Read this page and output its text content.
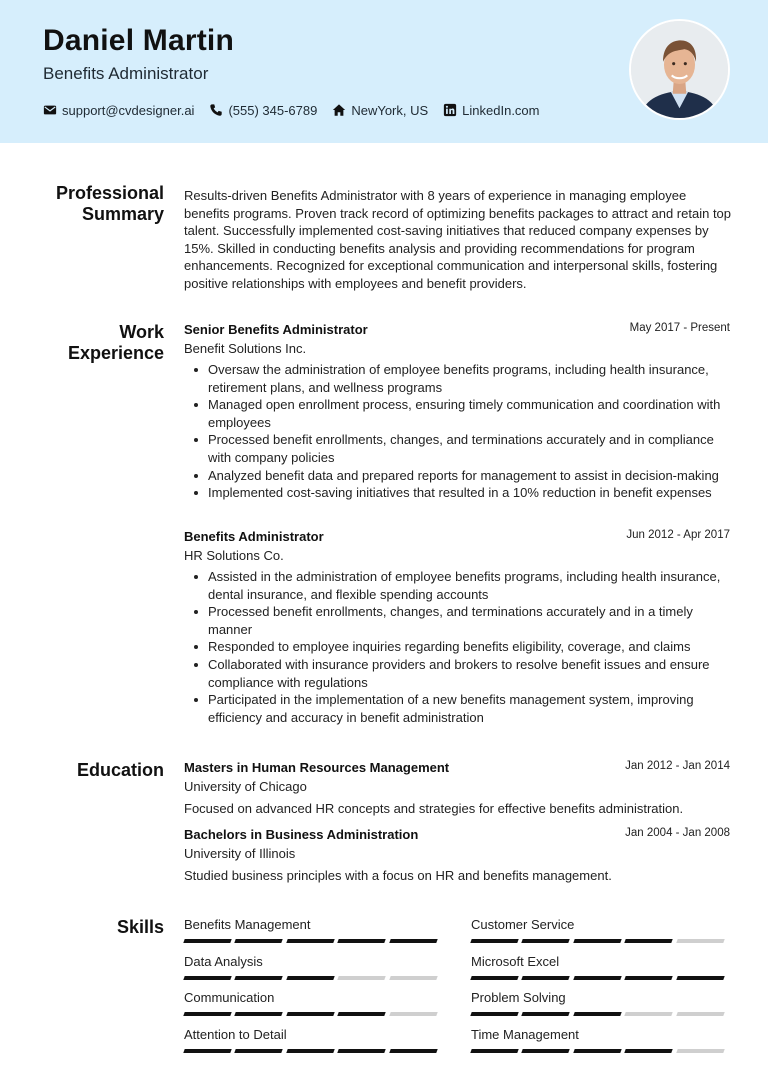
Daniel Martin
Benefits Administrator
support@cvdesigner.ai	(555) 345-6789	NewYork, US	LinkedIn.com
Professional
Summary
Results-driven Benefits Administrator with 8 years of experience in managing employee benefits programs. Proven track record of optimizing benefits packages to attract and retain top talent. Successfully implemented cost-saving initiatives that reduced company expenses by 15%. Skilled in conducting benefits analysis and providing recommendations for program enhancements. Recognized for exceptional communication and interpersonal skills, fostering positive relationships with employees and benefit providers.
Work
Experience
Senior Benefits Administrator	May 2017 - Present
Benefit Solutions Inc.
Oversaw the administration of employee benefits programs, including health insurance, retirement plans, and wellness programs
Managed open enrollment process, ensuring timely communication and coordination with employees
Processed benefit enrollments, changes, and terminations accurately and in compliance with company policies
Analyzed benefit data and prepared reports for management to assist in decision-making
Implemented cost-saving initiatives that resulted in a 10% reduction in benefit expenses
Benefits Administrator	Jun 2012 - Apr 2017
HR Solutions Co.
Assisted in the administration of employee benefits programs, including health insurance, dental insurance, and flexible spending accounts
Processed benefit enrollments, changes, and terminations accurately and in a timely manner
Responded to employee inquiries regarding benefits eligibility, coverage, and claims
Collaborated with insurance providers and brokers to resolve benefit issues and ensure compliance with regulations
Participated in the implementation of a new benefits management system, improving efficiency and accuracy in benefit administration
Education Masters in Human Resources Management	Jan 2012 - Jan 2014
University of Chicago
Focused on advanced HR concepts and strategies for effective benefits administration.
Bachelors in Business Administration	Jan 2004 - Jan 2008
University of Illinois
Studied business principles with a focus on HR and benefits management.
Skills Benefits Management	Customer Service
Data Analysis	Microsoft Excel
Communication	Problem Solving
Attention to Detail	Time Management
